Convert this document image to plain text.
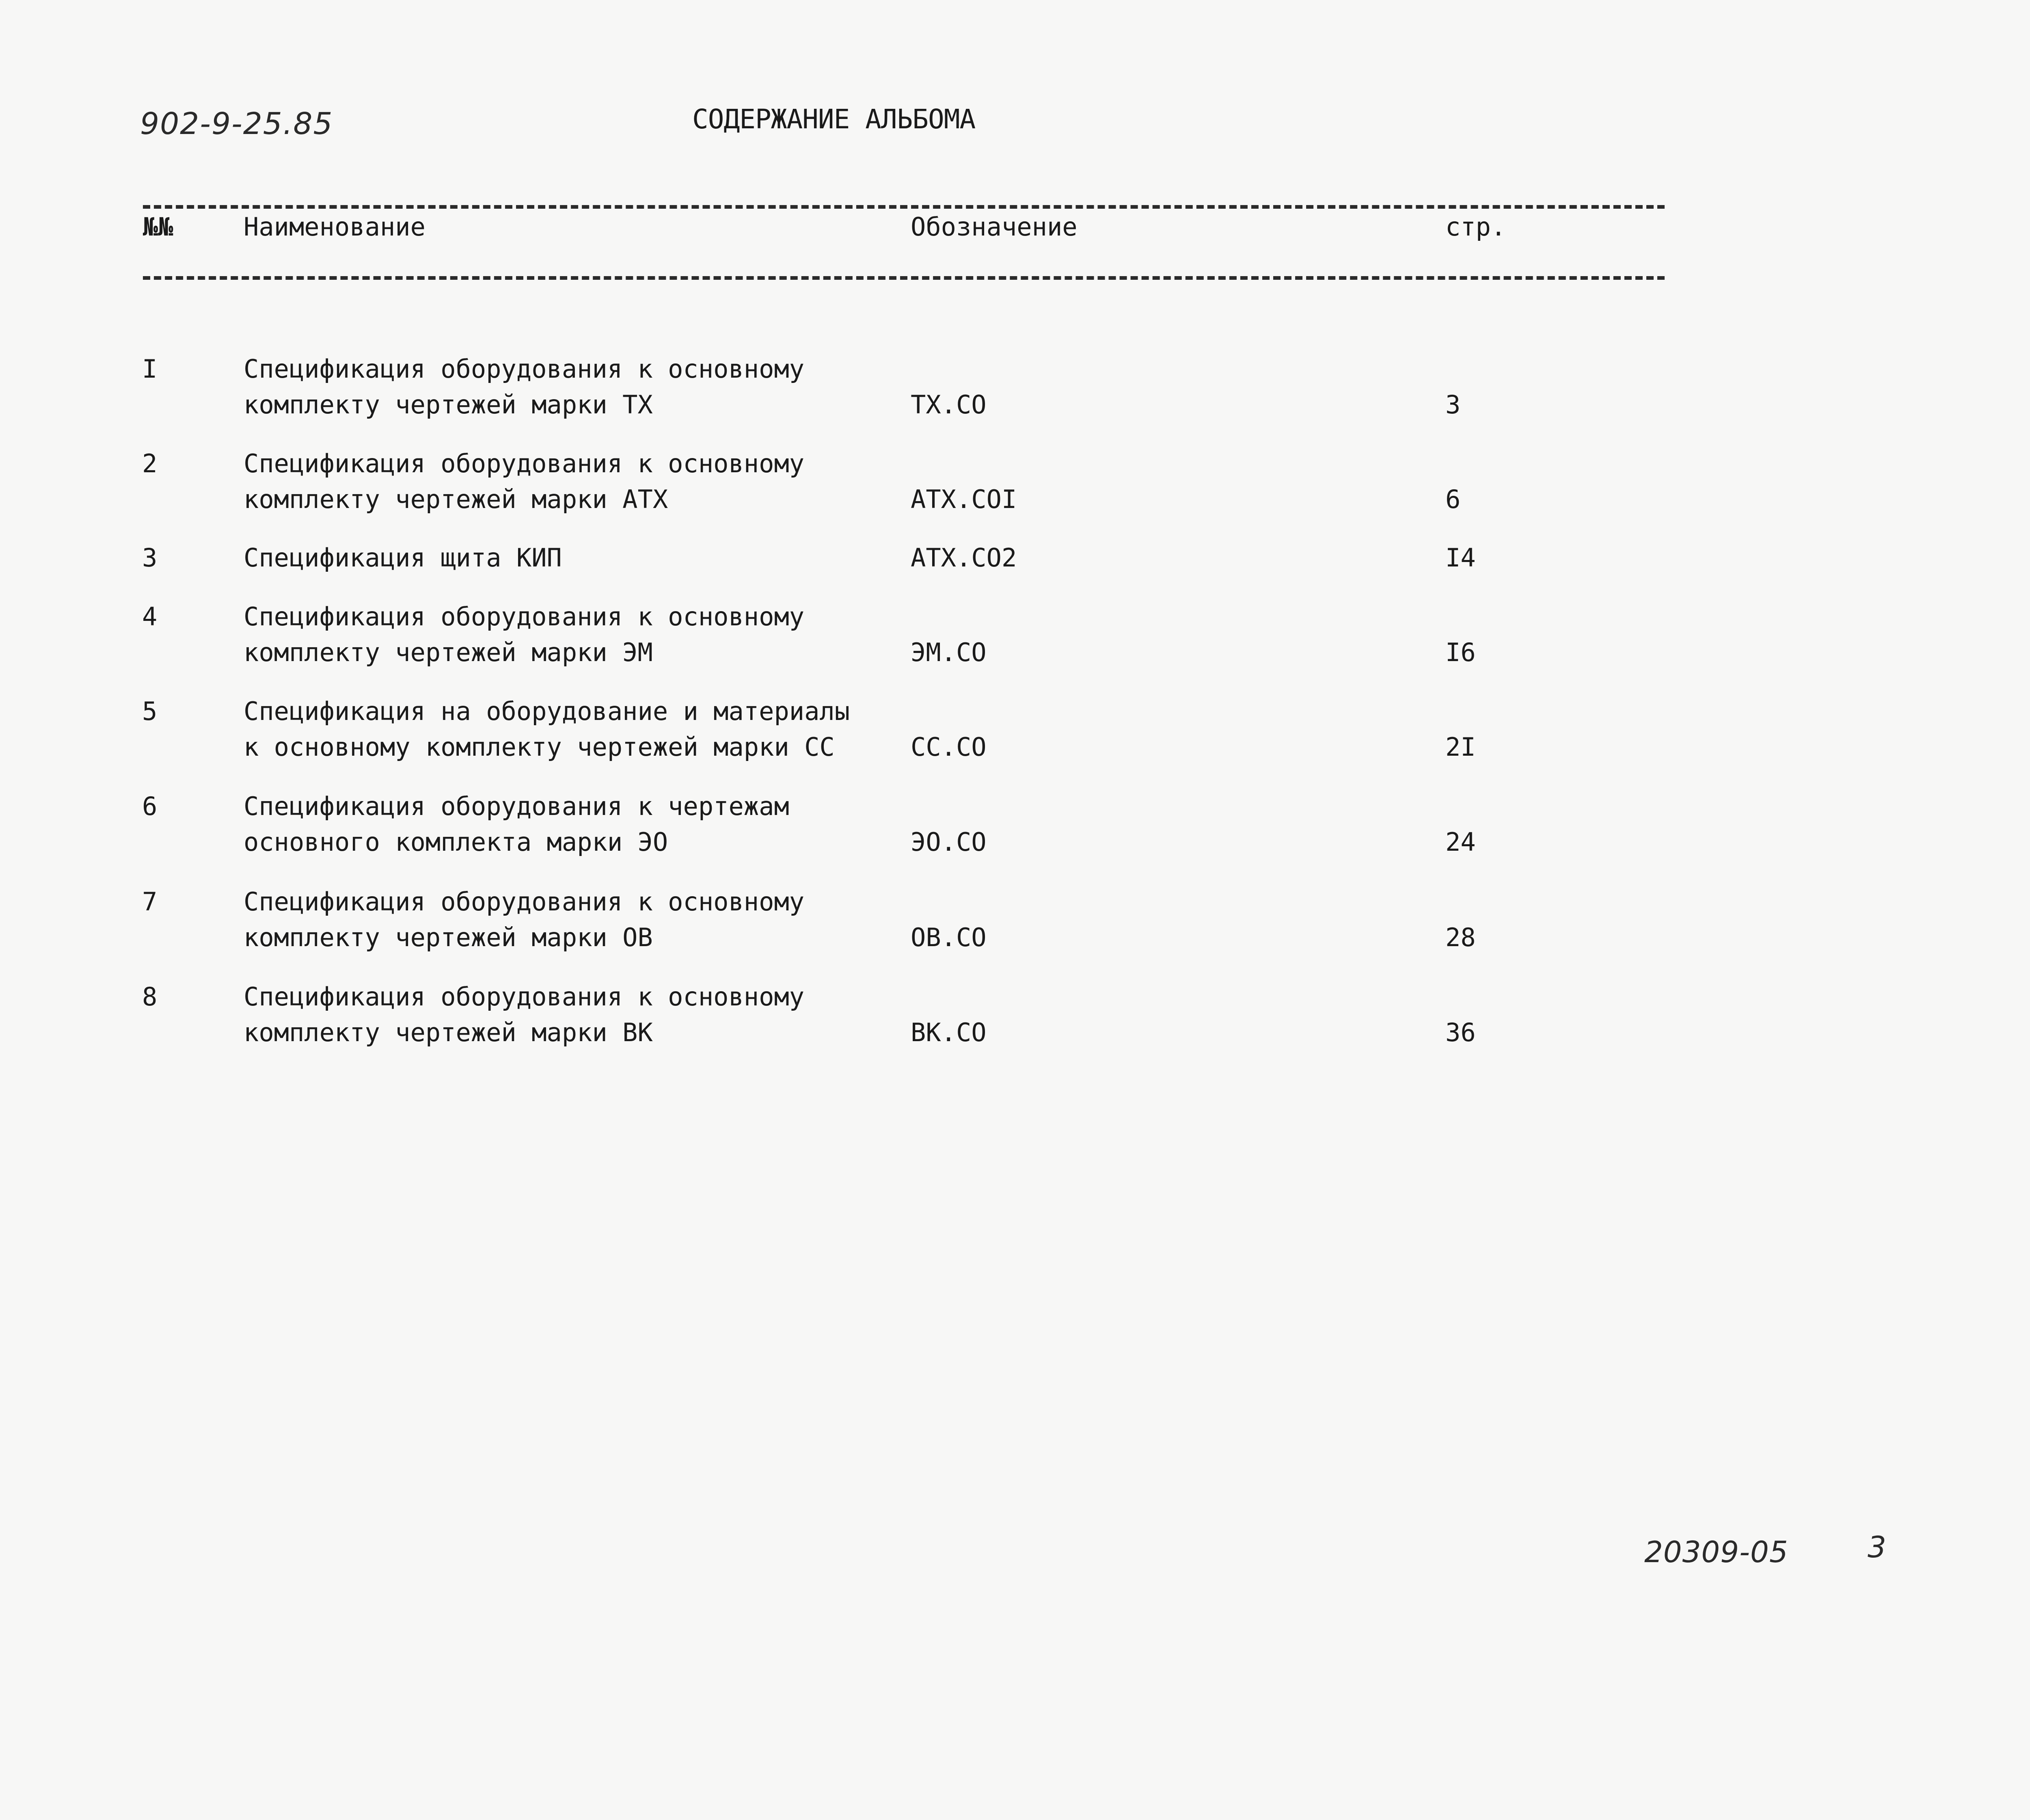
902-9-25.85	СОДЕРЖАНИЕ АЛЬБОМА
№№	Наименование	Обозначение	стр.
I	Спецификация оборудования к основному
комплекту чертежей марки ТХ	ТХ.СО	3
2	Спецификация оборудования к основному
комплекту чертежей марки АТХ	АТХ.СОI	6
3	Спецификация щита КИП	АТХ.СО2	I4
4	Спецификация оборудования к основному
комплекту чертежей марки ЭМ	ЭМ.СО	I6
5	Спецификация на оборудование и материалы
к основному комплекту чертежей марки СС	СС.СО	2I
6	Спецификация оборудования к чертежам
основного комплекта марки ЭО	ЭО.СО	24
7	Спецификация оборудования к основному
комплекту чертежей марки ОВ	ОВ.СО	28
8	Спецификация оборудования к основному
комплекту чертежей марки ВК	ВК.СО	36
20309-05	3
